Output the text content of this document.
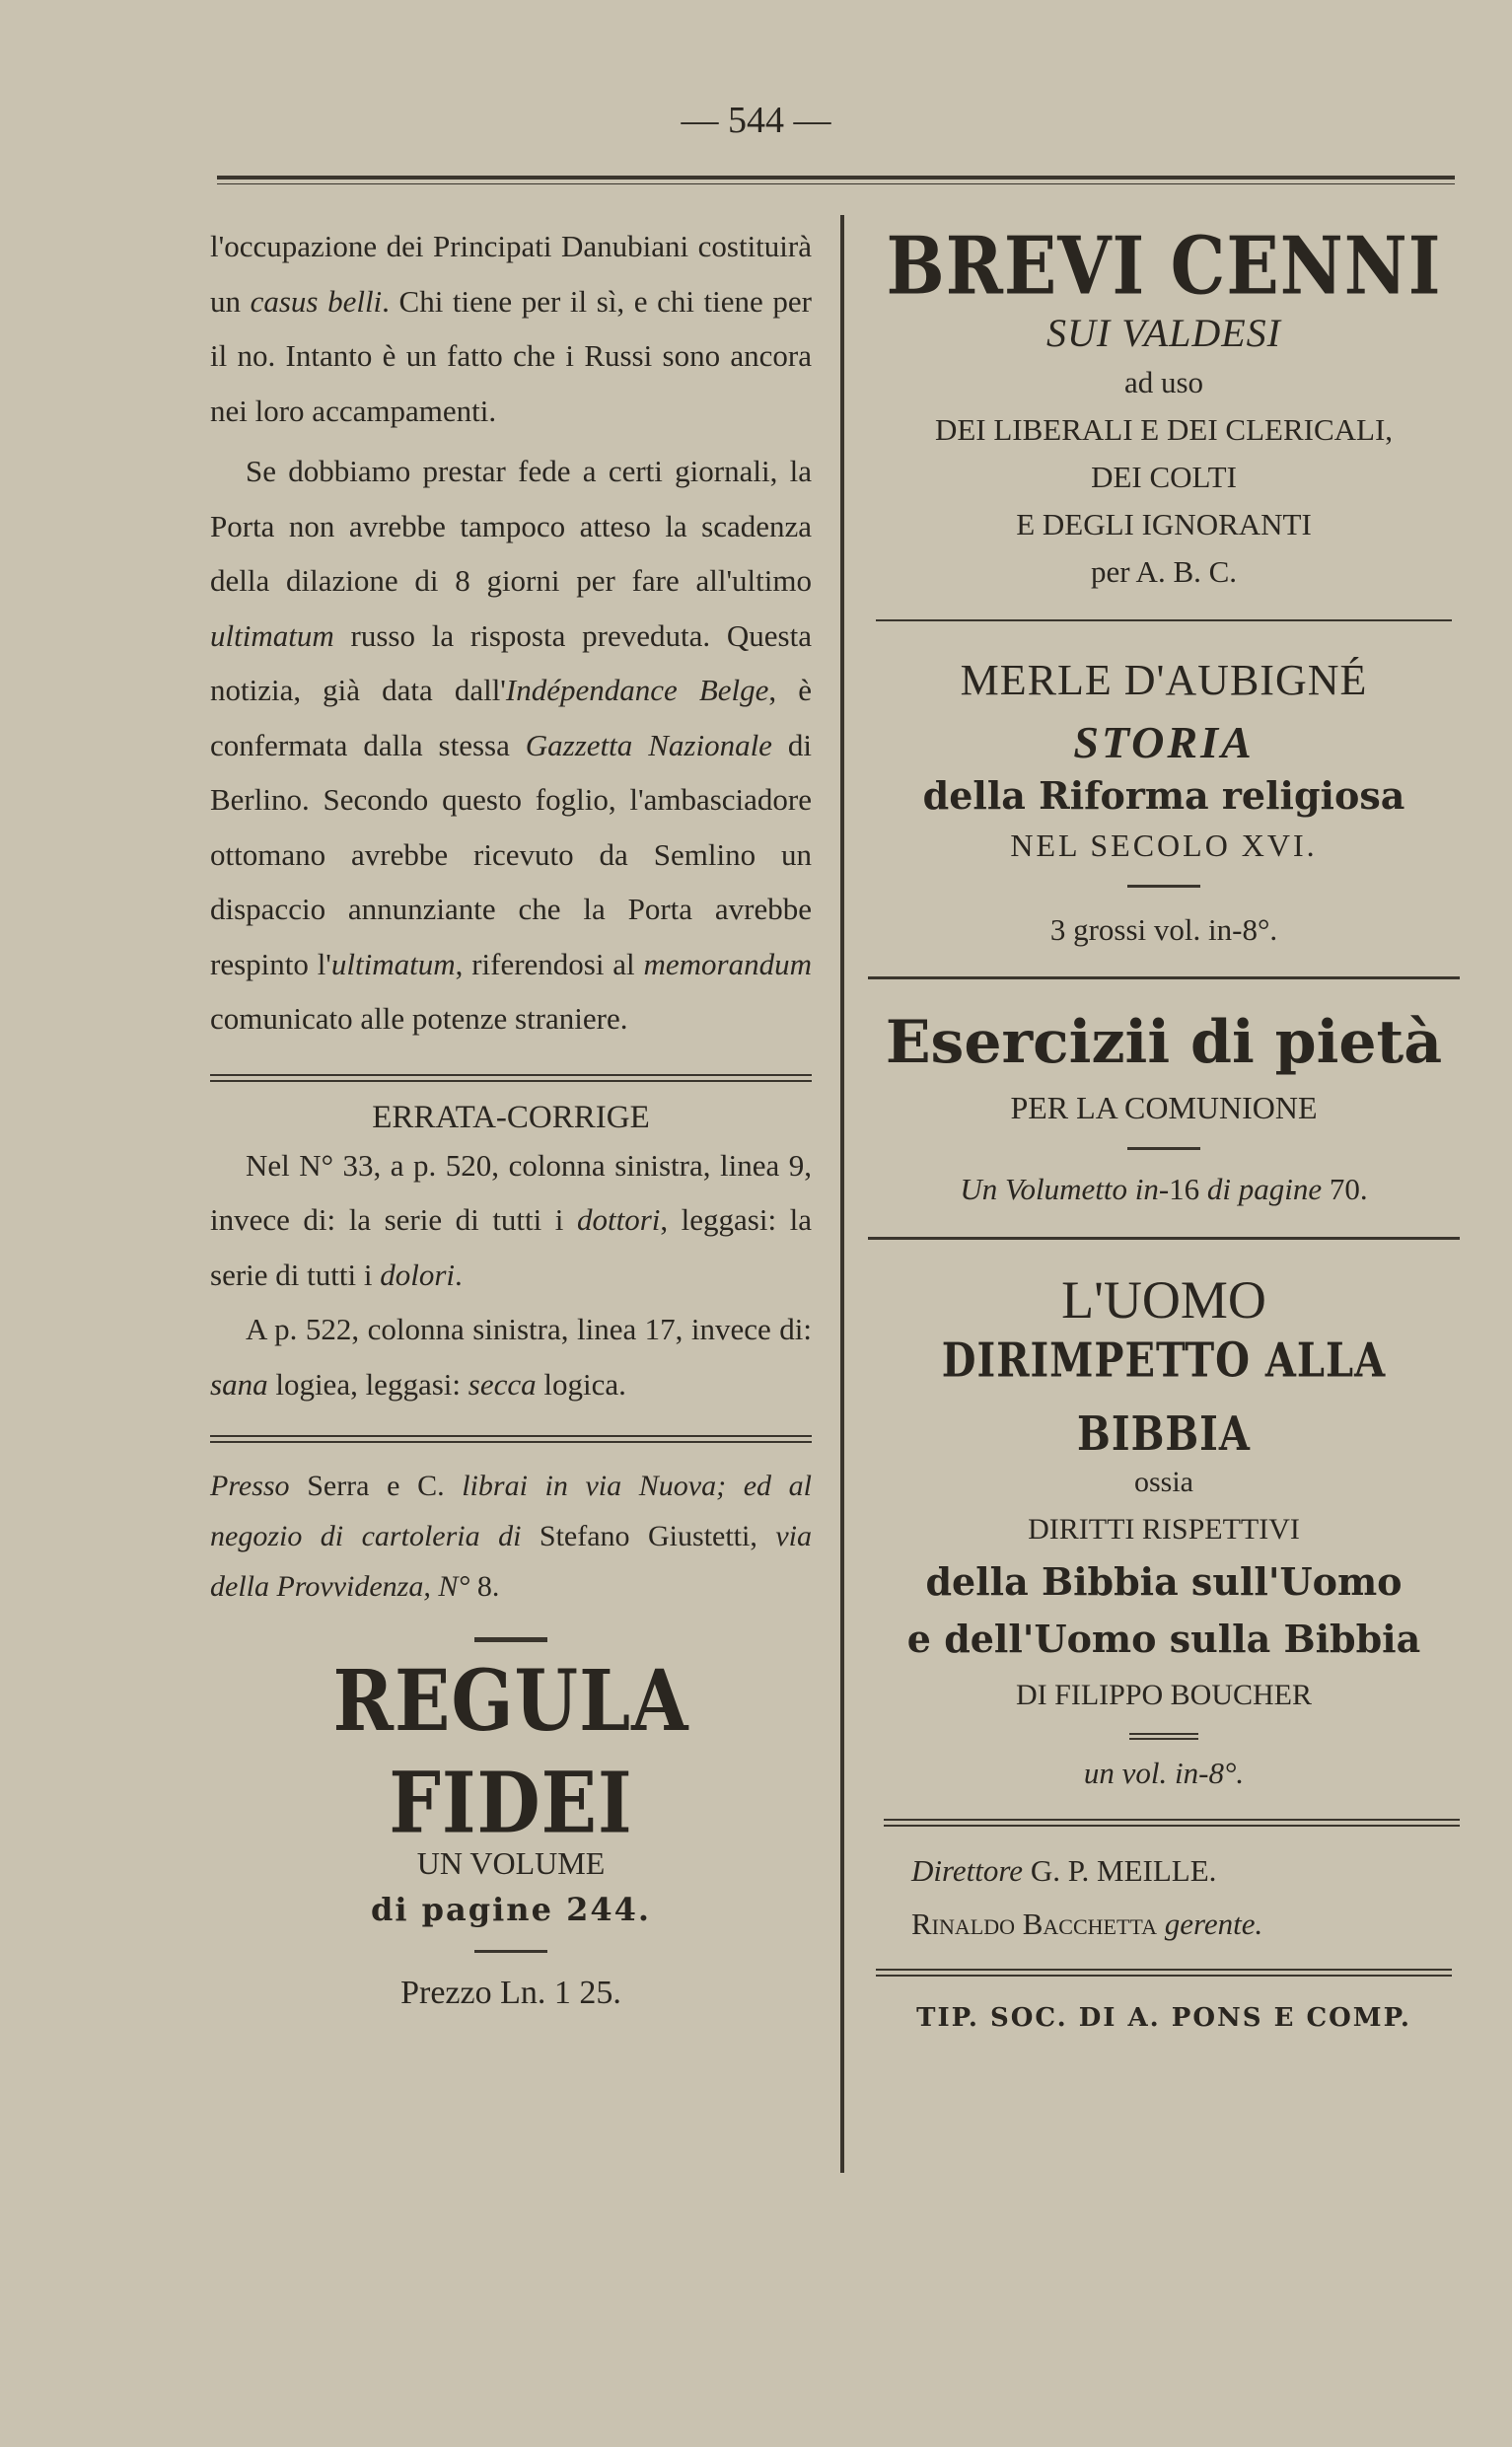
— 544 —

l'occupazione dei Principati Danubiani costituirà un casus belli. Chi tiene per il sì, e chi tiene per il no. Intanto è un fatto che i Russi sono ancora nei loro accampamenti.

Se dobbiamo prestar fede a certi giornali, la Porta non avrebbe tampoco atteso la scadenza della dilazione di 8 giorni per fare all'ultimo ultimatum russo la risposta preveduta. Questa notizia, già data dall'Indépendance Belge, è confermata dalla stessa Gazzetta Nazionale di Berlino. Secondo questo foglio, l'ambasciadore ottomano avrebbe ricevuto da Semlino un dispaccio annunziante che la Porta avrebbe respinto l'ultimatum, riferendosi al memorandum comunicato alle potenze straniere.

ERRATA-CORRIGE

Nel N° 33, a p. 520, colonna sinistra, linea 9, invece di: la serie di tutti i dottori, leggasi: la serie di tutti i dolori.

A p. 522, colonna sinistra, linea 17, invece di: sana logiea, leggasi: secca logica.

Presso Serra e C. librai in via Nuova; ed al negozio di cartoleria di Stefano Giustetti, via della Provvidenza, N° 8.

REGULA FIDEI
UN VOLUME
di pagine 244.
Prezzo Ln. 1 25.
BREVI CENNI
SUI VALDESI
ad uso
DEI LIBERALI E DEI CLERICALI,
DEI COLTI
E DEGLI IGNORANTI
per A. B. C.
MERLE D'AUBIGNÉ
STORIA
della Riforma religiosa
NEL SECOLO XVI.
3 grossi vol. in-8°.
Esercizii di pietà
PER LA COMUNIONE
Un Volumetto in-16 di pagine 70.
L'UOMO
DIRIMPETTO ALLA BIBBIA
ossia
DIRITTI RISPETTIVI
della Bibbia sull'Uomo
e dell'Uomo sulla Bibbia
DI FILIPPO BOUCHER
un vol. in-8°.
Direttore G. P. MEILLE.
Rinaldo Bacchetta gerente.
TIP. SOC. DI A. PONS E COMP.
